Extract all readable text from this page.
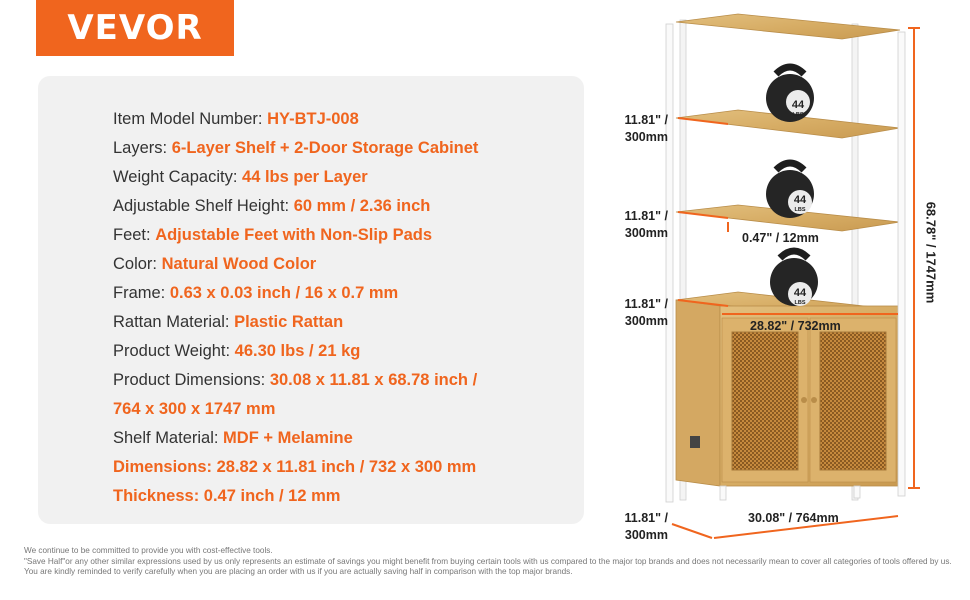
VEVOR
Item Model Number: HY-BTJ-008
Layers: 6-Layer Shelf + 2-Door Storage Cabinet
Weight Capacity: 44 lbs per Layer
Adjustable Shelf Height: 60 mm / 2.36 inch
Feet: Adjustable Feet with Non-Slip Pads
Color: Natural Wood Color
Frame: 0.63 x 0.03 inch / 16 x 0.7 mm
Rattan Material: Plastic Rattan
Product Weight: 46.30 lbs / 21 kg
Product Dimensions: 30.08 x 11.81 x 68.78 inch /
764 x 300 x 1747 mm
Shelf Material: MDF + Melamine
Dimensions: 28.82 x 11.81 inch / 732 x 300 mm
Thickness: 0.47 inch / 12 mm
We continue to be committed to provide you with cost-effective tools.
"Save Half"or any other similar expressions used by us only represents an estimate of savings you might benefit from buying certain tools with us compared to the major top brands and does not necessarily mean to cover all categories of tools offered by us.
You are kindly reminded to verify carefully when you are placing an order with us if you are actually saving half in comparison with the top major brands.
44
LBS
44
LBS
44
LBS
11.81" /
300mm
11.81" /
300mm
11.81" /
300mm
11.81" /
300mm
0.47" / 12mm
28.82" / 732mm
30.08" / 764mm
68.78" / 1747mm
